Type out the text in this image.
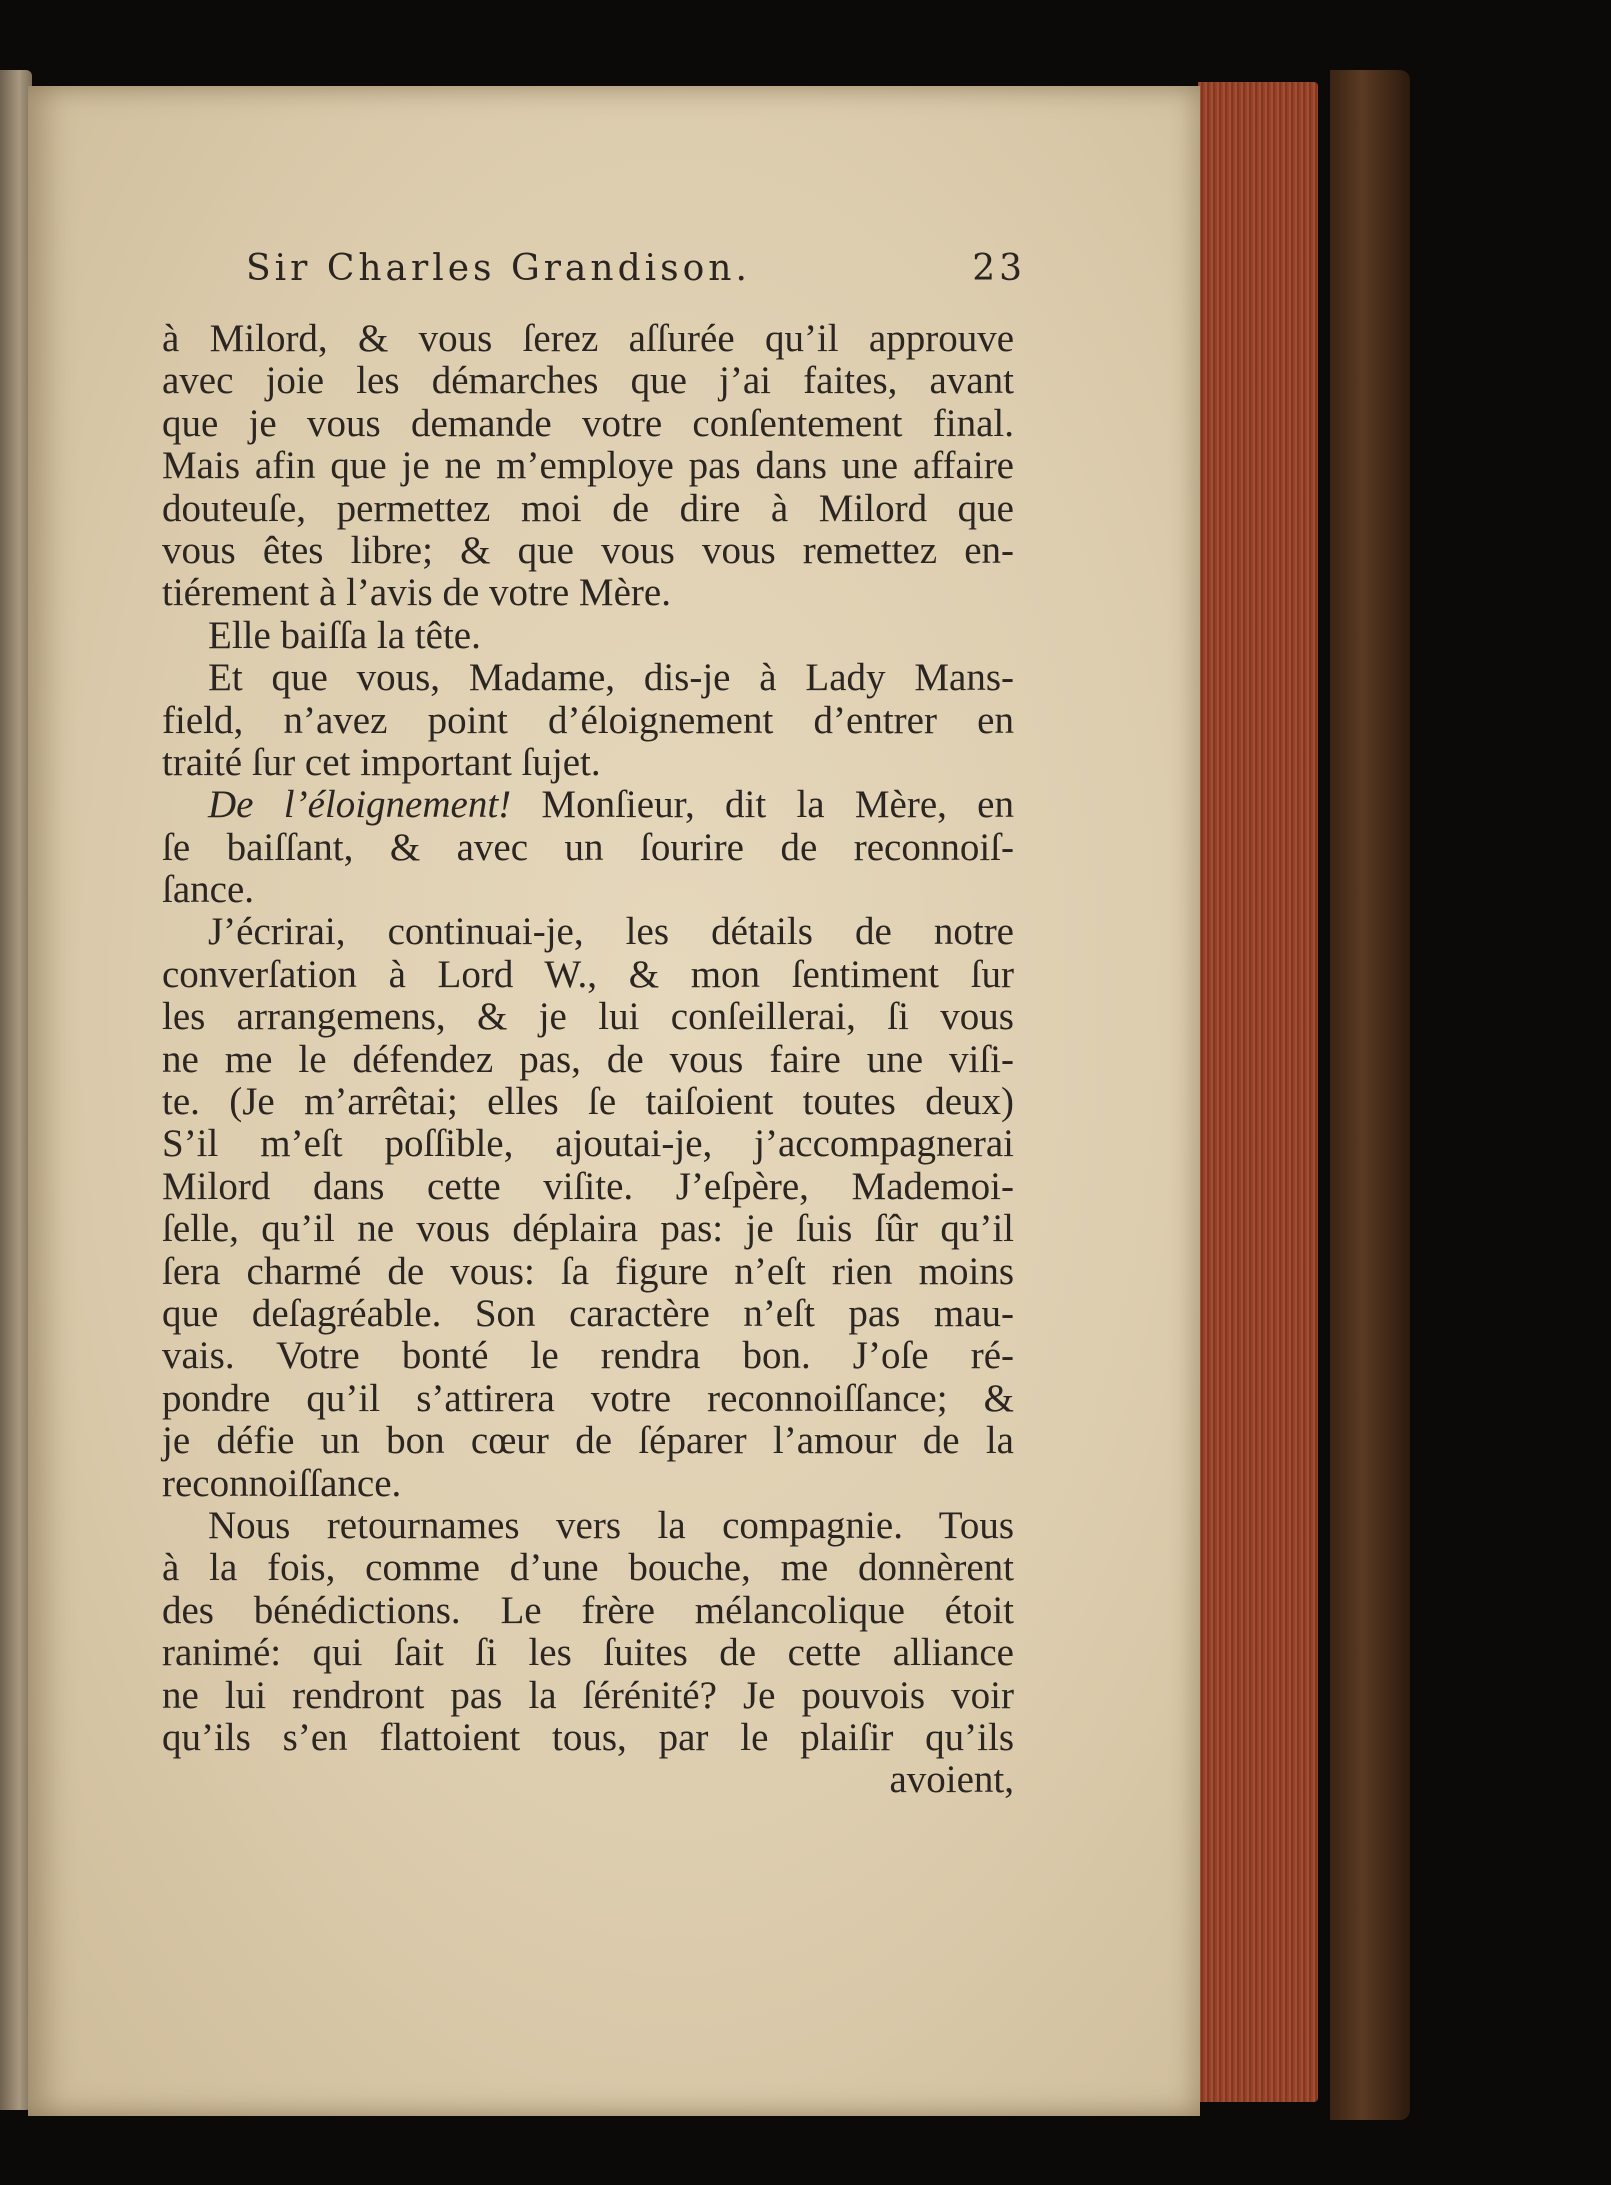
Sir Charles Grandison.	23
à Milord, & vous ſerez aſſurée qu’il approuve
avec joie les démarches que j’ai faites, avant
que je vous demande votre conſentement final.
Mais afin que je ne m’employe pas dans une affaire
douteuſe, permettez moi de dire à Milord que
vous êtes libre; & que vous vous remettez en-
tiérement à l’avis de votre Mère.
Elle baiſſa la tête.
Et que vous, Madame, dis-je à Lady Mans-
field, n’avez point d’éloignement d’entrer en
traité ſur cet important ſujet.
De l’éloignement! Monſieur, dit la Mère, en
ſe baiſſant, & avec un ſourire de reconnoiſ-
ſance.
J’écrirai, continuai-je, les détails de notre
converſation à Lord W., & mon ſentiment ſur
les arrangemens, & je lui conſeillerai, ſi vous
ne me le défendez pas, de vous faire une viſi-
te. (Je m’arrêtai; elles ſe taiſoient toutes deux)
S’il m’eſt poſſible, ajoutai-je, j’accompagnerai
Milord dans cette viſite. J’eſpère, Mademoi-
ſelle, qu’il ne vous déplaira pas: je ſuis ſûr qu’il
ſera charmé de vous: ſa figure n’eſt rien moins
que deſagréable. Son caractère n’eſt pas mau-
vais. Votre bonté le rendra bon. J’oſe ré-
pondre qu’il s’attirera votre reconnoiſſance; &
je défie un bon cœur de ſéparer l’amour de la
reconnoiſſance.
Nous retournames vers la compagnie. Tous
à la fois, comme d’une bouche, me donnèrent
des bénédictions. Le frère mélancolique étoit
ranimé: qui ſait ſi les ſuites de cette alliance
ne lui rendront pas la ſérénité? Je pouvois voir
qu’ils s’en flattoient tous, par le plaiſir qu’ils
avoient,
